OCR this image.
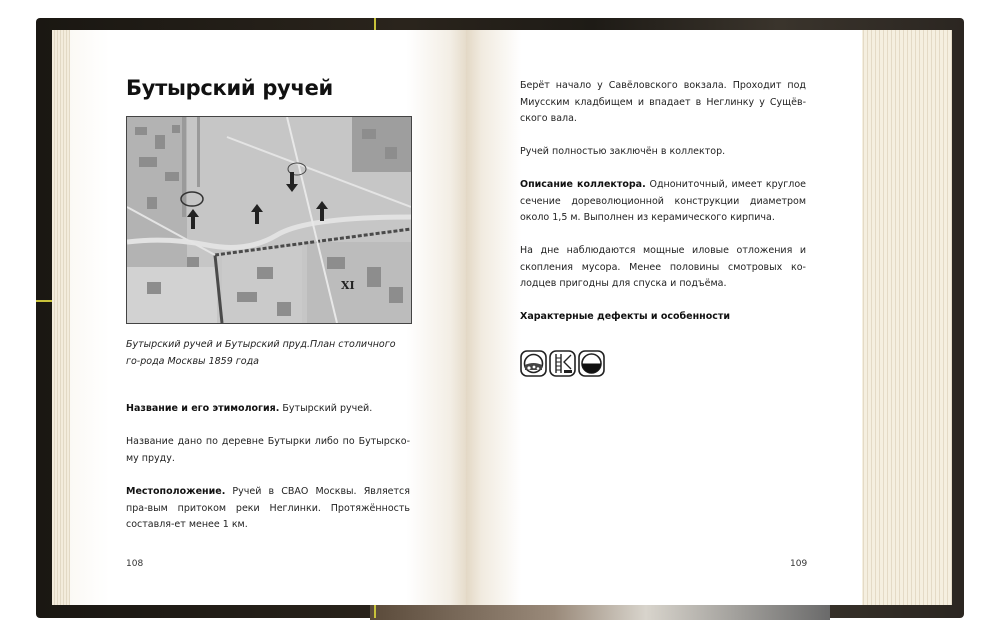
Бутырский ручей
XI

Бутырский ручей и Бутырский пруд.План столичного го-рода Москвы 1859 года

Название и его этимология. Бутырский ручей.

Название дано по деревне Бутырки либо по Бутырско-му пруду.

Местоположение. Ручей в СВАО Москвы. Является пра-вым притоком реки Неглинки. Протяжённость составля-ет менее 1 км.

108

Берёт начало у Савёловского вокзала. Проходит под Миусским кладбищем и впадает в Неглинку у Сущёв-ского вала.

Ручей полностью заключён в коллектор.

Описание коллектора. Однониточный, имеет круглое сечение дореволюционной конструкции диаметром около 1,5 м. Выполнен из керамического кирпича.

На дне наблюдаются мощные иловые отложения и скопления мусора. Менее половины смотровых ко-лодцев пригодны для спуска и подъёма.

Характерные дефекты и особенности

109
